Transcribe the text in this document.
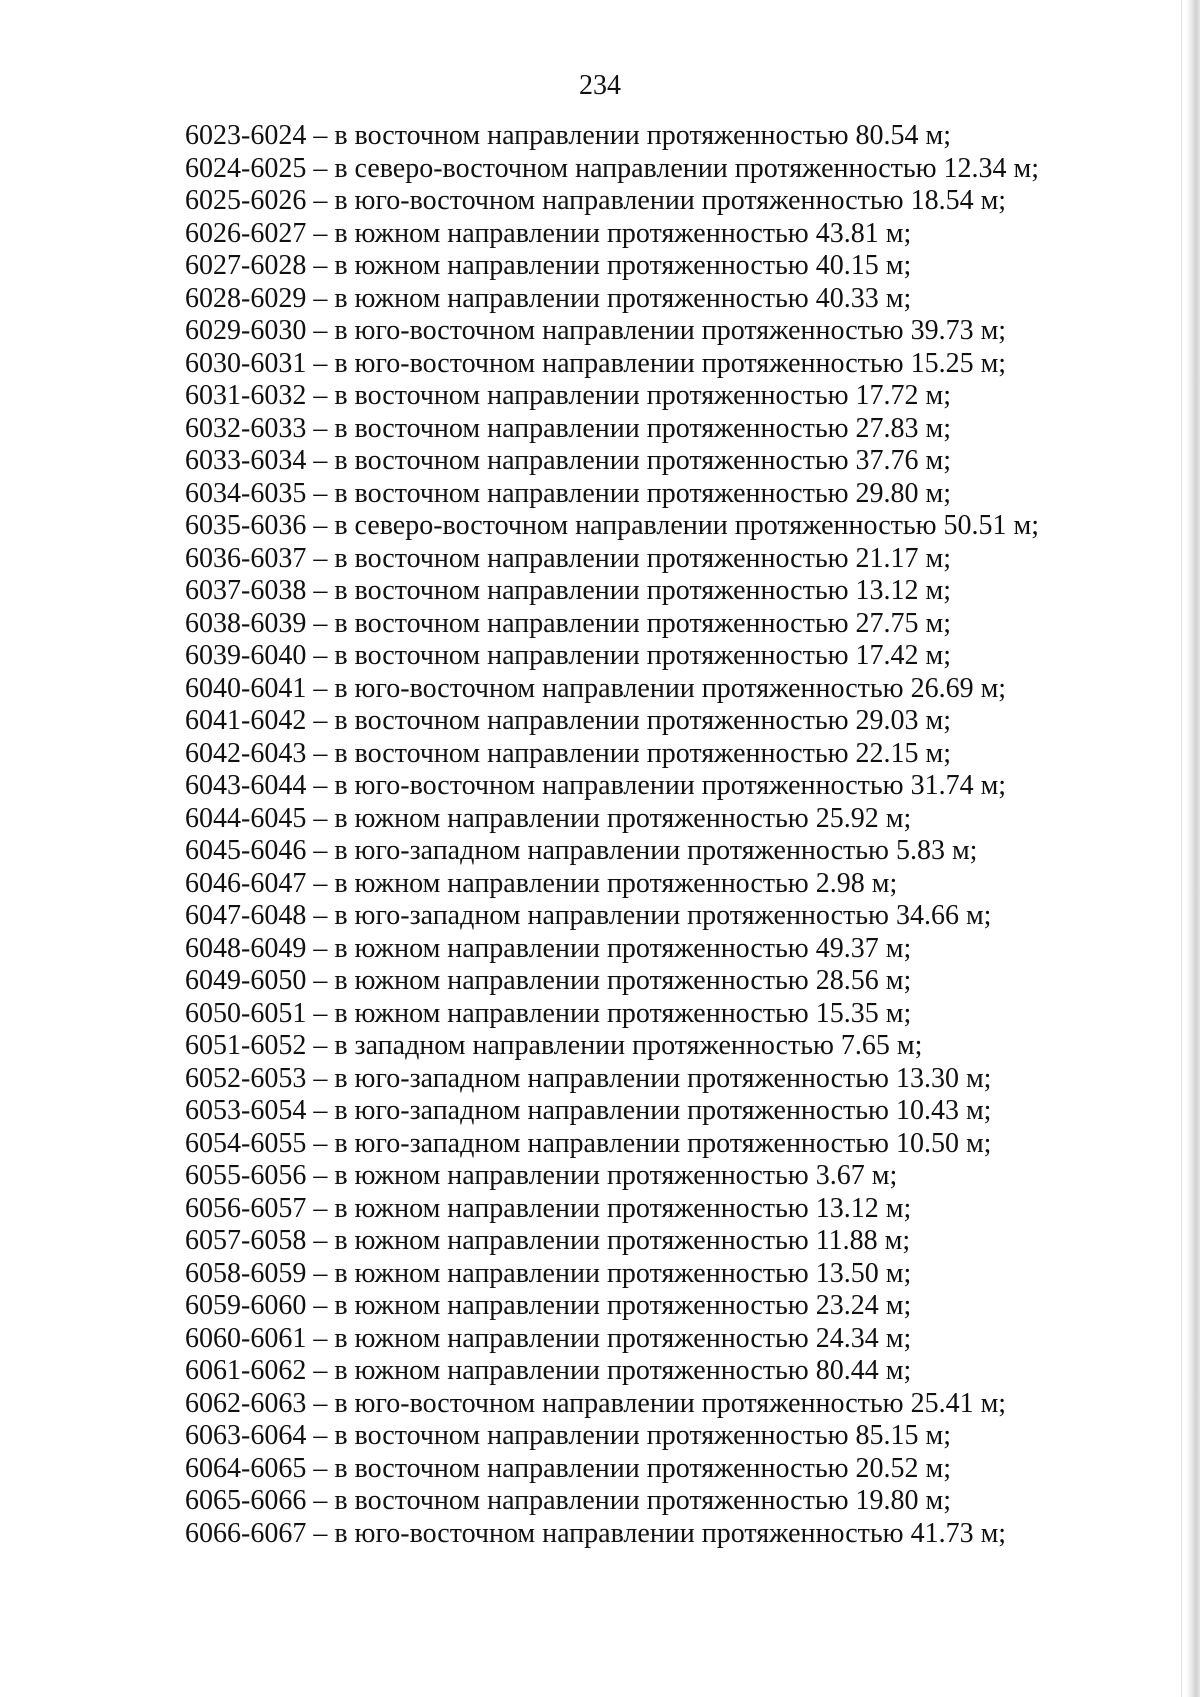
234
6023-6024 – в восточном направлении протяженностью 80.54 м;
6024-6025 – в северо-восточном направлении протяженностью 12.34 м;
6025-6026 – в юго-восточном направлении протяженностью 18.54 м;
6026-6027 – в южном направлении протяженностью 43.81 м;
6027-6028 – в южном направлении протяженностью 40.15 м;
6028-6029 – в южном направлении протяженностью 40.33 м;
6029-6030 – в юго-восточном направлении протяженностью 39.73 м;
6030-6031 – в юго-восточном направлении протяженностью 15.25 м;
6031-6032 – в восточном направлении протяженностью 17.72 м;
6032-6033 – в восточном направлении протяженностью 27.83 м;
6033-6034 – в восточном направлении протяженностью 37.76 м;
6034-6035 – в восточном направлении протяженностью 29.80 м;
6035-6036 – в северо-восточном направлении протяженностью 50.51 м;
6036-6037 – в восточном направлении протяженностью 21.17 м;
6037-6038 – в восточном направлении протяженностью 13.12 м;
6038-6039 – в восточном направлении протяженностью 27.75 м;
6039-6040 – в восточном направлении протяженностью 17.42 м;
6040-6041 – в юго-восточном направлении протяженностью 26.69 м;
6041-6042 – в восточном направлении протяженностью 29.03 м;
6042-6043 – в восточном направлении протяженностью 22.15 м;
6043-6044 – в юго-восточном направлении протяженностью 31.74 м;
6044-6045 – в южном направлении протяженностью 25.92 м;
6045-6046 – в юго-западном направлении протяженностью 5.83 м;
6046-6047 – в южном направлении протяженностью 2.98 м;
6047-6048 – в юго-западном направлении протяженностью 34.66 м;
6048-6049 – в южном направлении протяженностью 49.37 м;
6049-6050 – в южном направлении протяженностью 28.56 м;
6050-6051 – в южном направлении протяженностью 15.35 м;
6051-6052 – в западном направлении протяженностью 7.65 м;
6052-6053 – в юго-западном направлении протяженностью 13.30 м;
6053-6054 – в юго-западном направлении протяженностью 10.43 м;
6054-6055 – в юго-западном направлении протяженностью 10.50 м;
6055-6056 – в южном направлении протяженностью 3.67 м;
6056-6057 – в южном направлении протяженностью 13.12 м;
6057-6058 – в южном направлении протяженностью 11.88 м;
6058-6059 – в южном направлении протяженностью 13.50 м;
6059-6060 – в южном направлении протяженностью 23.24 м;
6060-6061 – в южном направлении протяженностью 24.34 м;
6061-6062 – в южном направлении протяженностью 80.44 м;
6062-6063 – в юго-восточном направлении протяженностью 25.41 м;
6063-6064 – в восточном направлении протяженностью 85.15 м;
6064-6065 – в восточном направлении протяженностью 20.52 м;
6065-6066 – в восточном направлении протяженностью 19.80 м;
6066-6067 – в юго-восточном направлении протяженностью 41.73 м;
